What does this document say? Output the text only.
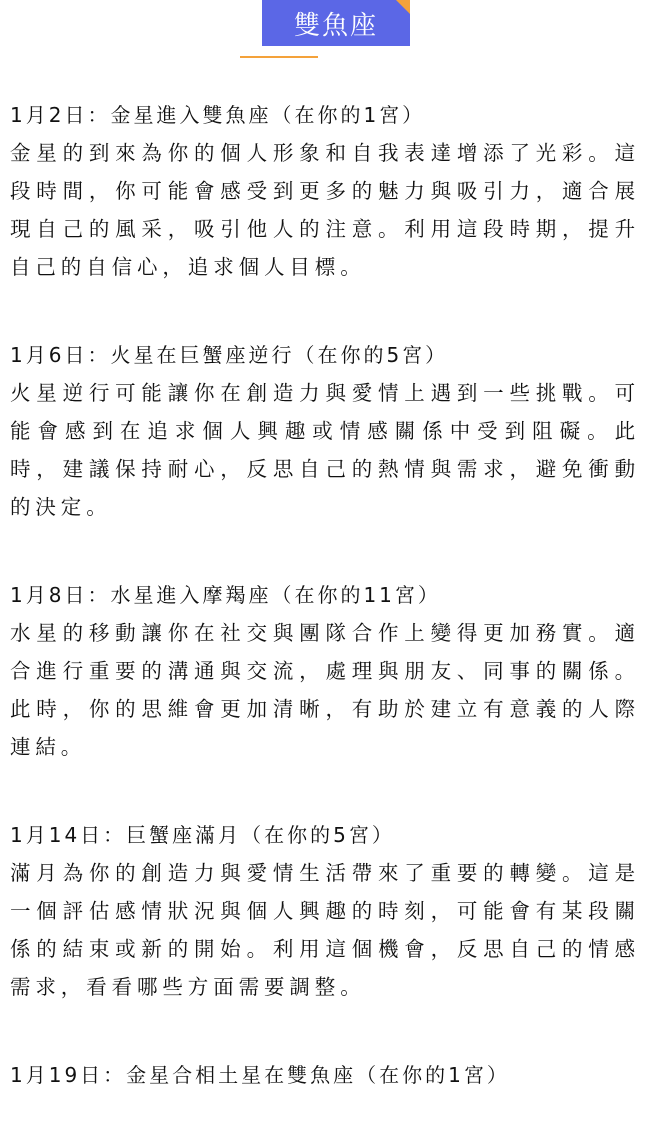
雙魚座
1月2日：金星進入雙魚座（在你的1宮）
金星的到來為你的個人形象和自我表達增添了光彩。這段時間，你可能會感受到更多的魅力與吸引力，適合展現自己的風采，吸引他人的注意。利用這段時期，提升自己的自信心，追求個人目標。
1月6日：火星在巨蟹座逆行（在你的5宮）
火星逆行可能讓你在創造力與愛情上遇到一些挑戰。可能會感到在追求個人興趣或情感關係中受到阻礙。此時，建議保持耐心，反思自己的熱情與需求，避免衝動的決定。
1月8日：水星進入摩羯座（在你的11宮）
水星的移動讓你在社交與團隊合作上變得更加務實。適合進行重要的溝通與交流，處理與朋友、同事的關係。此時，你的思維會更加清晰，有助於建立有意義的人際連結。
1月14日：巨蟹座滿月（在你的5宮）
滿月為你的創造力與愛情生活帶來了重要的轉變。這是一個評估感情狀況與個人興趣的時刻，可能會有某段關係的結束或新的開始。利用這個機會，反思自己的情感需求，看看哪些方面需要調整。
1月19日：金星合相土星在雙魚座（在你的1宮）
